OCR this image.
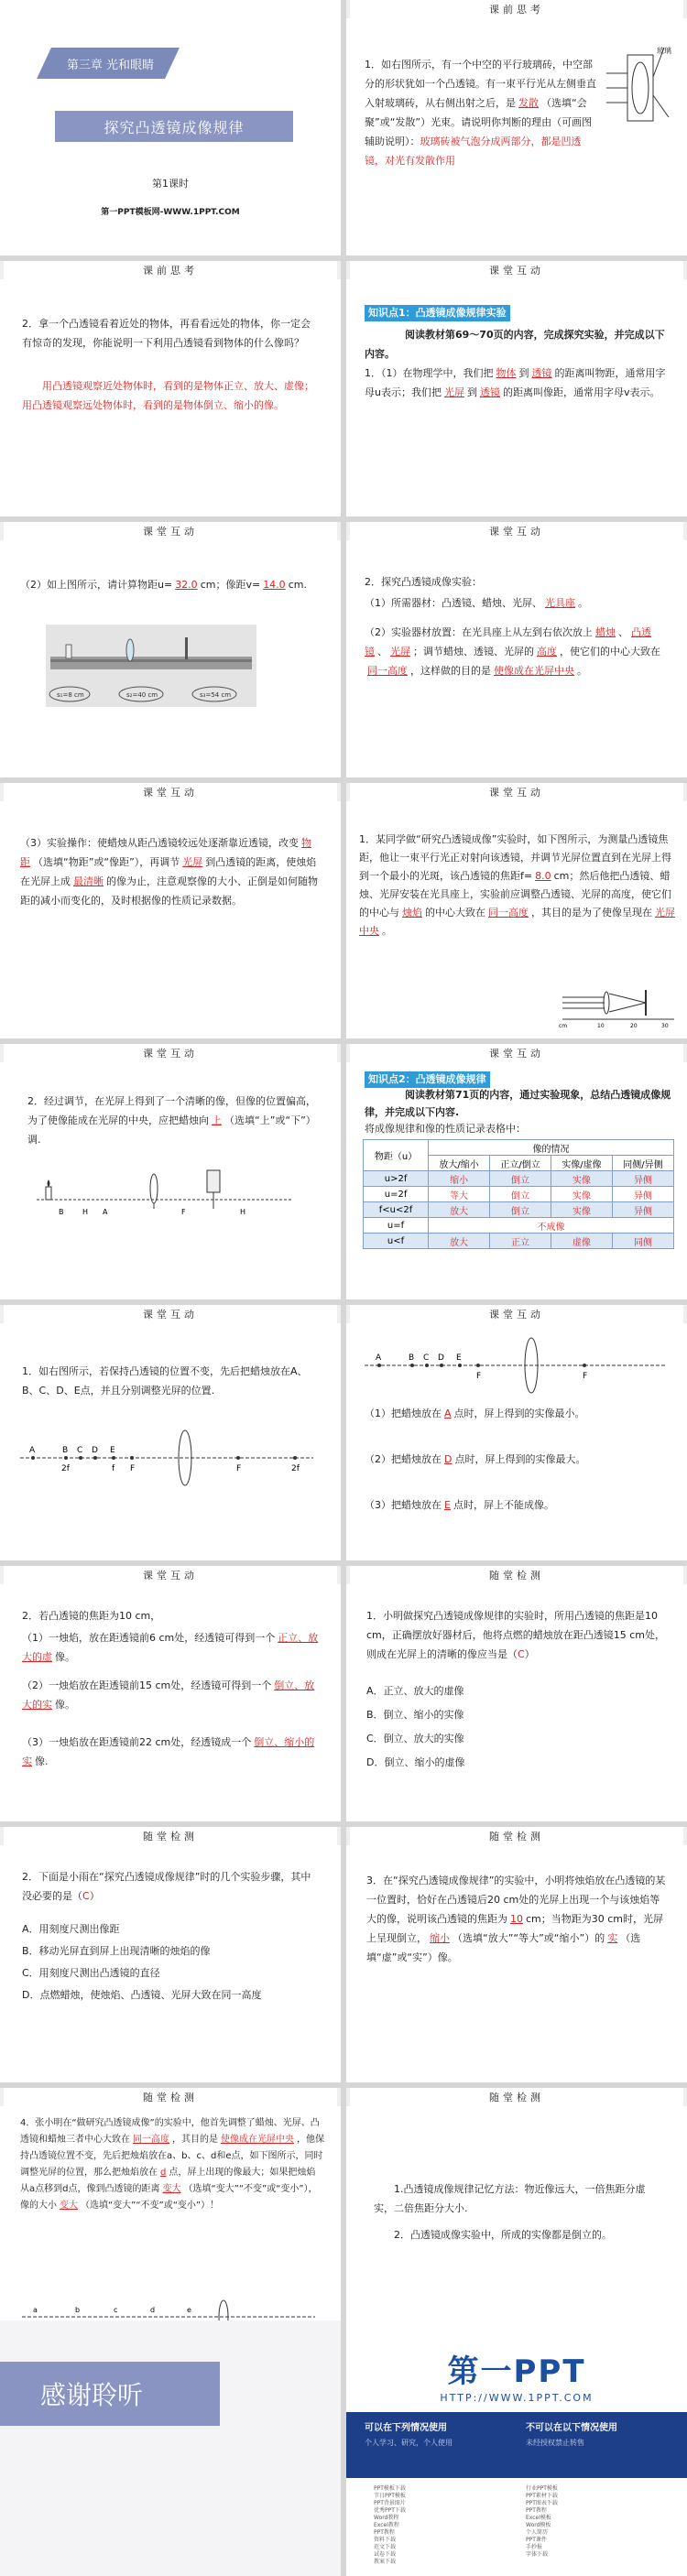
第三章 光和眼睛
探究凸透镜成像规律
第1课时
第一PPT模板网-WWW.1PPT.COM
课前思考
1．如右图所示，有一个中空的平行玻璃砖，中空部分的形状犹如一个凸透镜。有一束平行光从左侧垂直入射玻璃砖，从右侧出射之后，是 发散 （选填“会聚”或“发散”）光束。请说明你判断的理由（可画图辅助说明）：玻璃砖被气泡分成两部分，都是凹透镜，对光有发散作用
玻璃
课前思考
2．拿一个凸透镜看着近处的物体，再看看远处的物体，你一定会有惊奇的发现，你能说明一下利用凸透镜看到物体的什么像吗？
用凸透镜观察近处物体时，看到的是物体正立、放大、虚像；用凸透镜观察远处物体时，看到的是物体倒立、缩小的像。
课堂互动
知识点1：凸透镜成像规律实验
阅读教材第69～70页的内容，完成探究实验，并完成以下内容。
1．（1）在物理学中，我们把 物体 到 透镜 的距离叫物距，通常用字母u表示；我们把 光屏 到 透镜 的距离叫像距，通常用字母v表示。
课堂互动
（2）如上图所示，请计算物距u= 32.0 cm；像距v= 14.0 cm.
s₁=8 cm	s₂=40 cm	s₃=54 cm
课堂互动
2．探究凸透镜成像实验：
（1）所需器材：凸透镜、蜡烛、光屏、 光具座 。
（2）实验器材放置：在光具座上从左到右依次放上 蜡烛 、 凸透镜 、 光屏 ；调节蜡烛、透镜、光屏的 高度 ，使它们的中心大致在同一高度 ，这样做的目的是 使像成在光屏中央 。
课堂互动
（3）实验操作：使蜡烛从距凸透镜较远处逐渐靠近透镜，改变 物距 （选填“物距”或“像距”），再调节 光屏 到凸透镜的距离，使烛焰在光屏上成 最清晰 的像为止，注意观察像的大小、正倒是如何随物距的减小而变化的，及时根据像的性质记录数据。
课堂互动
1．某同学做“研究凸透镜成像”实验时，如下图所示，为测量凸透镜焦距，他让一束平行光正对射向该透镜，并调节光屏位置直到在光屏上得到一个最小的光斑，该凸透镜的焦距f= 8.0 cm；然后他把凸透镜、蜡烛、光屏安装在光具座上，实验前应调整凸透镜、光屏的高度，使它们的中心与 烛焰 的中心大致在 同一高度 ，其目的是为了使像呈现在 光屏中央 。
cm	10	20	30
课堂互动
2．经过调节，在光屏上得到了一个清晰的像，但像的位置偏高，为了使像能成在光屏的中央，应把蜡烛向 上 （选填“上”或“下”）调.
B	H A	F	H
课堂互动
知识点2：凸透镜成像规律
阅读教材第71页的内容，通过实验现象，总结凸透镜成像规律，并完成以下内容.
将成像规律和像的性质记录表格中：
物距（u）	像的情况			
	放大/缩小	正立/倒立	实像/虚像	同侧/异侧
u>2f	缩小	倒立	实像	异侧
u=2f	等大	倒立	实像	异侧
f<u<2f	放大	倒立	实像	异侧
u=f	不成像			
u<f	放大	正立	虚像	同侧
课堂互动
1．如右图所示，若保持凸透镜的位置不变，先后把蜡烛放在A、B、C、D、E点，并且分别调整光屏的位置.
A	B C D E
F	F
2f	f	2f
课堂互动
A	B C D E
F	F
（1）把蜡烛放在 A 点时，屏上得到的实像最小。
（2）把蜡烛放在 D 点时，屏上得到的实像最大。
（3）把蜡烛放在 E 点时，屏上不能成像。
课堂互动
2．若凸透镜的焦距为10 cm，
（1）一烛焰，放在距透镜前6 cm处，经透镜可得到一个 正立、放大的虚 像。
（2）一烛焰放在距透镜前15 cm处，经透镜可得到一个 倒立、放大的实 像。
（3）一烛焰放在距透镜前22 cm处，经透镜成一个 倒立、缩小的实 像.
随堂检测
1．小明做探究凸透镜成像规律的实验时，所用凸透镜的焦距是10 cm，正确摆放好器材后，他将点燃的蜡烛放在距凸透镜15 cm处，则成在光屏上的清晰的像应当是（C）
A．正立、放大的虚像
B．倒立、缩小的实像
C．倒立、放大的实像
D．倒立、缩小的虚像
随堂检测
2．下面是小雨在“探究凸透镜成像规律”时的几个实验步骤，其中没必要的是（C）
A．用刻度尺测出像距
B．移动光屏直到屏上出现清晰的烛焰的像
C．用刻度尺测出凸透镜的直径
D．点燃蜡烛，使烛焰、凸透镜、光屏大致在同一高度
随堂检测
3．在“探究凸透镜成像规律”的实验中，小明将烛焰放在凸透镜的某一位置时，恰好在凸透镜后20 cm处的光屏上出现一个与该烛焰等大的像，说明该凸透镜的焦距为 10 cm；当物距为30 cm时，光屏上呈现倒立， 缩小 （选填“放大”“等大”或“缩小”）的 实 （选填“虚”或“实”）像。
随堂检测
4．张小明在“做研究凸透镜成像”的实验中，他首先调整了蜡烛、光屏、凸透镜和蜡烛三者中心大致在 同一高度 ，其目的是 使像成在光屏中央 ，他保持凸透镜位置不变，先后把烛焰放在a、b、c、d和e点，如下图所示，同时调整光屏的位置，那么把烛焰放在 d 点，屏上出现的像最大；如果把烛焰从a点移到d点，像到凸透镜的距离 变大 （选填“变大”“不变”或“变小”），像的大小 变大 （选填“变大”“不变”或“变小”）！
a	b	c	d	e
随堂检测
1.凸透镜成像规律记忆方法：物近像远大，一倍焦距分虚实，二倍焦距分大小.
2．凸透镜成像实验中，所成的实像都是倒立的。
感谢聆听
第一PPT
HTTP://WWW.1PPT.COM
可以在下列情况使用	不可以在以下情况使用
个人学习、研究，个人使用	未经授权禁止转售
PPT模板下载
节日PPT模板
PPT背景图片
优秀PPT下载
Word教程
Excel教程
PPT教程
资料下载
范文下载
试卷下载
教案下载
行业PPT模板
PPT素材下载
PPT图表下载
PPT教程
Excel模板
Word模板
个人简历
PPT课件
手抄报
字体下载
